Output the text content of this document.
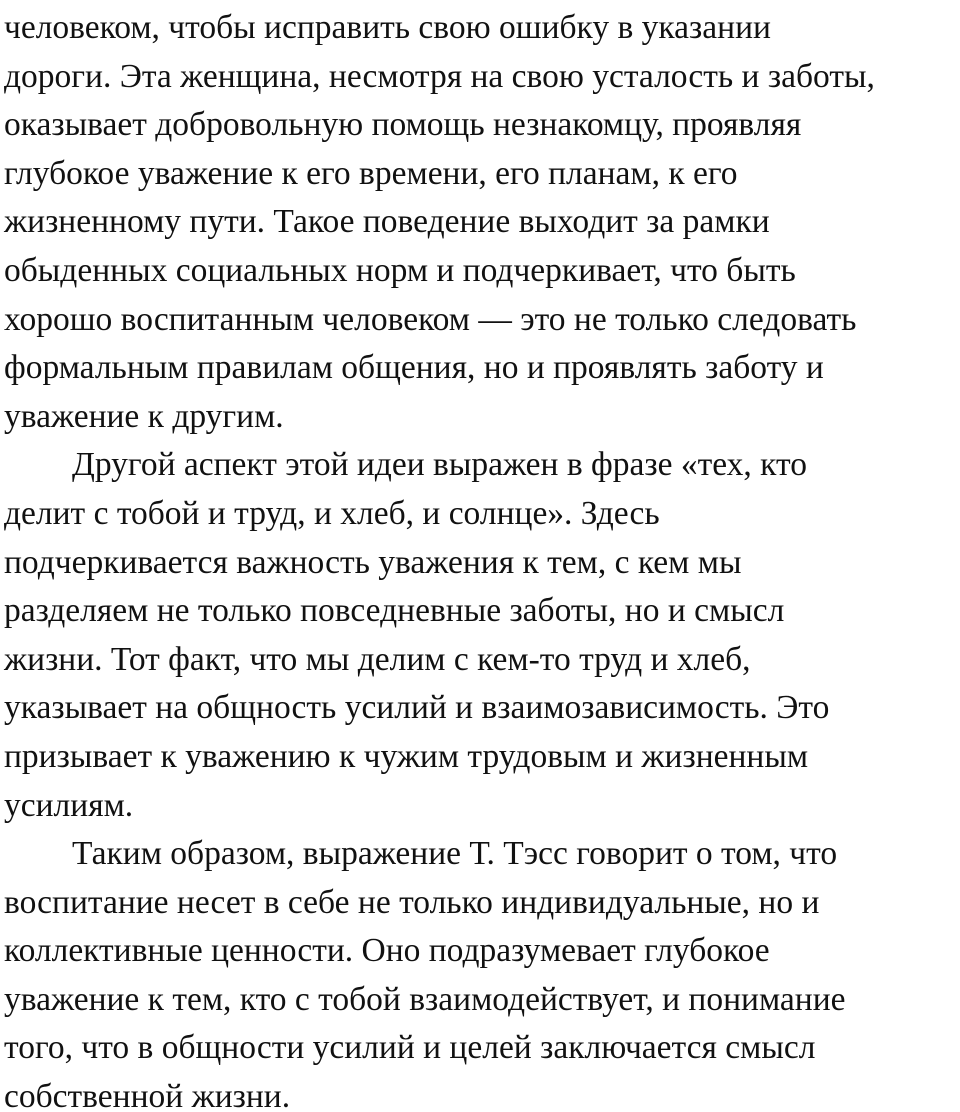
человеком, чтобы исправить свою ошибку в указании
дороги. Эта женщина, несмотря на свою усталость и заботы,
оказывает добровольную помощь незнакомцу, проявляя
глубокое уважение к его времени, его планам, к его
жизненному пути. Такое поведение выходит за рамки
обыденных социальных норм и подчеркивает, что быть
хорошо воспитанным человеком — это не только следовать
формальным правилам общения, но и проявлять заботу и
уважение к другим.
Другой аспект этой идеи выражен в фразе «тех, кто
делит с тобой и труд, и хлеб, и солнце». Здесь
подчеркивается важность уважения к тем, с кем мы
разделяем не только повседневные заботы, но и смысл
жизни. Тот факт, что мы делим с кем-то труд и хлеб,
указывает на общность усилий и взаимозависимость. Это
призывает к уважению к чужим трудовым и жизненным
усилиям.
Таким образом, выражение Т. Тэсс говорит о том, что
воспитание несет в себе не только индивидуальные, но и
коллективные ценности. Оно подразумевает глубокое
уважение к тем, кто с тобой взаимодействует, и понимание
того, что в общности усилий и целей заключается смысл
собственной жизни.
